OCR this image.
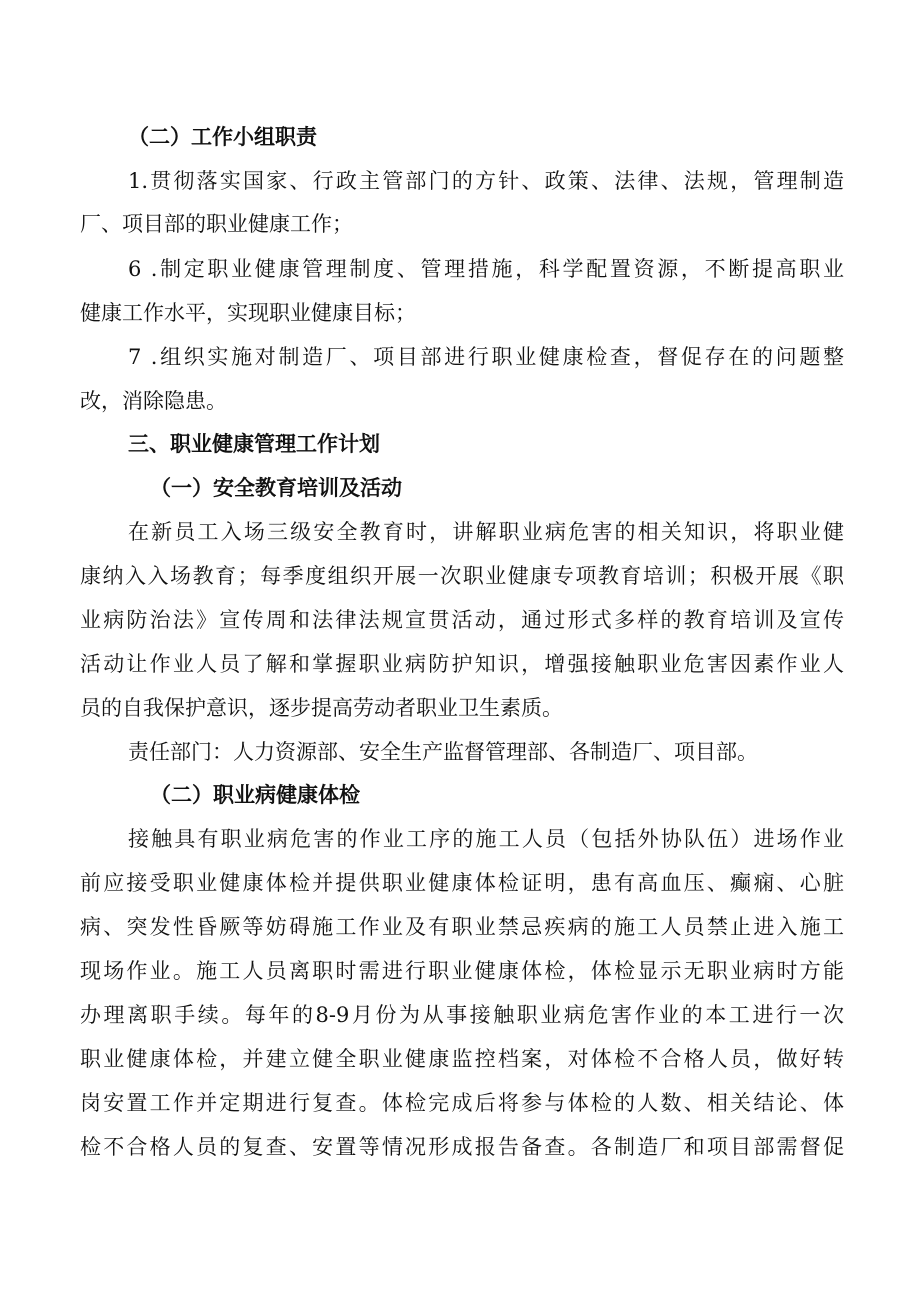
（二）工作小组职责
1.贯彻落实国家、行政主管部门的方针、政策、法律、法规，管理制造
厂、项目部的职业健康工作；
6 .制定职业健康管理制度、管理措施，科学配置资源，不断提高职业
健康工作水平，实现职业健康目标；
7 .组织实施对制造厂、项目部进行职业健康检查，督促存在的问题整
改，消除隐患。
三、职业健康管理工作计划
（一）安全教育培训及活动
在新员工入场三级安全教育时，讲解职业病危害的相关知识，将职业健
康纳入入场教育；每季度组织开展一次职业健康专项教育培训；积极开展《职
业病防治法》宣传周和法律法规宣贯活动，通过形式多样的教育培训及宣传
活动让作业人员了解和掌握职业病防护知识，增强接触职业危害因素作业人
员的自我保护意识，逐步提高劳动者职业卫生素质。
责任部门：人力资源部、安全生产监督管理部、各制造厂、项目部。
（二）职业病健康体检
接触具有职业病危害的作业工序的施工人员（包括外协队伍）进场作业
前应接受职业健康体检并提供职业健康体检证明，患有高血压、癫痫、心脏
病、突发性昏厥等妨碍施工作业及有职业禁忌疾病的施工人员禁止进入施工
现场作业。施工人员离职时需进行职业健康体检，体检显示无职业病时方能
办理离职手续。每年的8-9月份为从事接触职业病危害作业的本工进行一次
职业健康体检，并建立健全职业健康监控档案，对体检不合格人员，做好转
岗安置工作并定期进行复查。体检完成后将参与体检的人数、相关结论、体
检不合格人员的复查、安置等情况形成报告备查。各制造厂和项目部需督促
